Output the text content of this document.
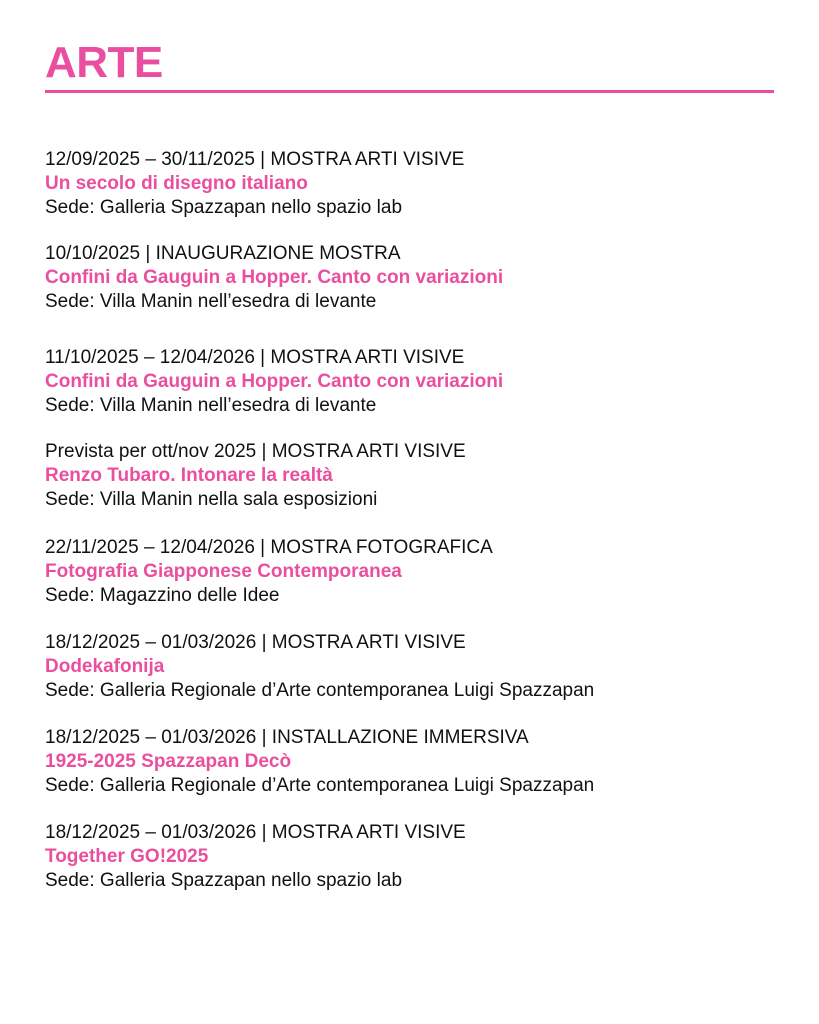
ARTE
12/09/2025 – 30/11/2025 | MOSTRA ARTI VISIVE
Un secolo di disegno italiano
Sede: Galleria Spazzapan nello spazio lab
10/10/2025 | INAUGURAZIONE MOSTRA
Confini da Gauguin a Hopper. Canto con variazioni
Sede: Villa Manin nell’esedra di levante
11/10/2025 – 12/04/2026 | MOSTRA ARTI VISIVE
Confini da Gauguin a Hopper. Canto con variazioni
Sede: Villa Manin nell’esedra di levante
Prevista per ott/nov 2025 | MOSTRA ARTI VISIVE
Renzo Tubaro. Intonare la realtà
Sede: Villa Manin nella sala esposizioni
22/11/2025 – 12/04/2026 | MOSTRA FOTOGRAFICA
Fotografia Giapponese Contemporanea
Sede: Magazzino delle Idee
18/12/2025 – 01/03/2026 | MOSTRA ARTI VISIVE
Dodekafonija
Sede: Galleria Regionale d’Arte contemporanea Luigi Spazzapan
18/12/2025 – 01/03/2026 | INSTALLAZIONE IMMERSIVA
1925-2025 Spazzapan Decò
Sede: Galleria Regionale d’Arte contemporanea Luigi Spazzapan
18/12/2025 – 01/03/2026 | MOSTRA ARTI VISIVE
Together GO!2025
Sede: Galleria Spazzapan nello spazio lab
